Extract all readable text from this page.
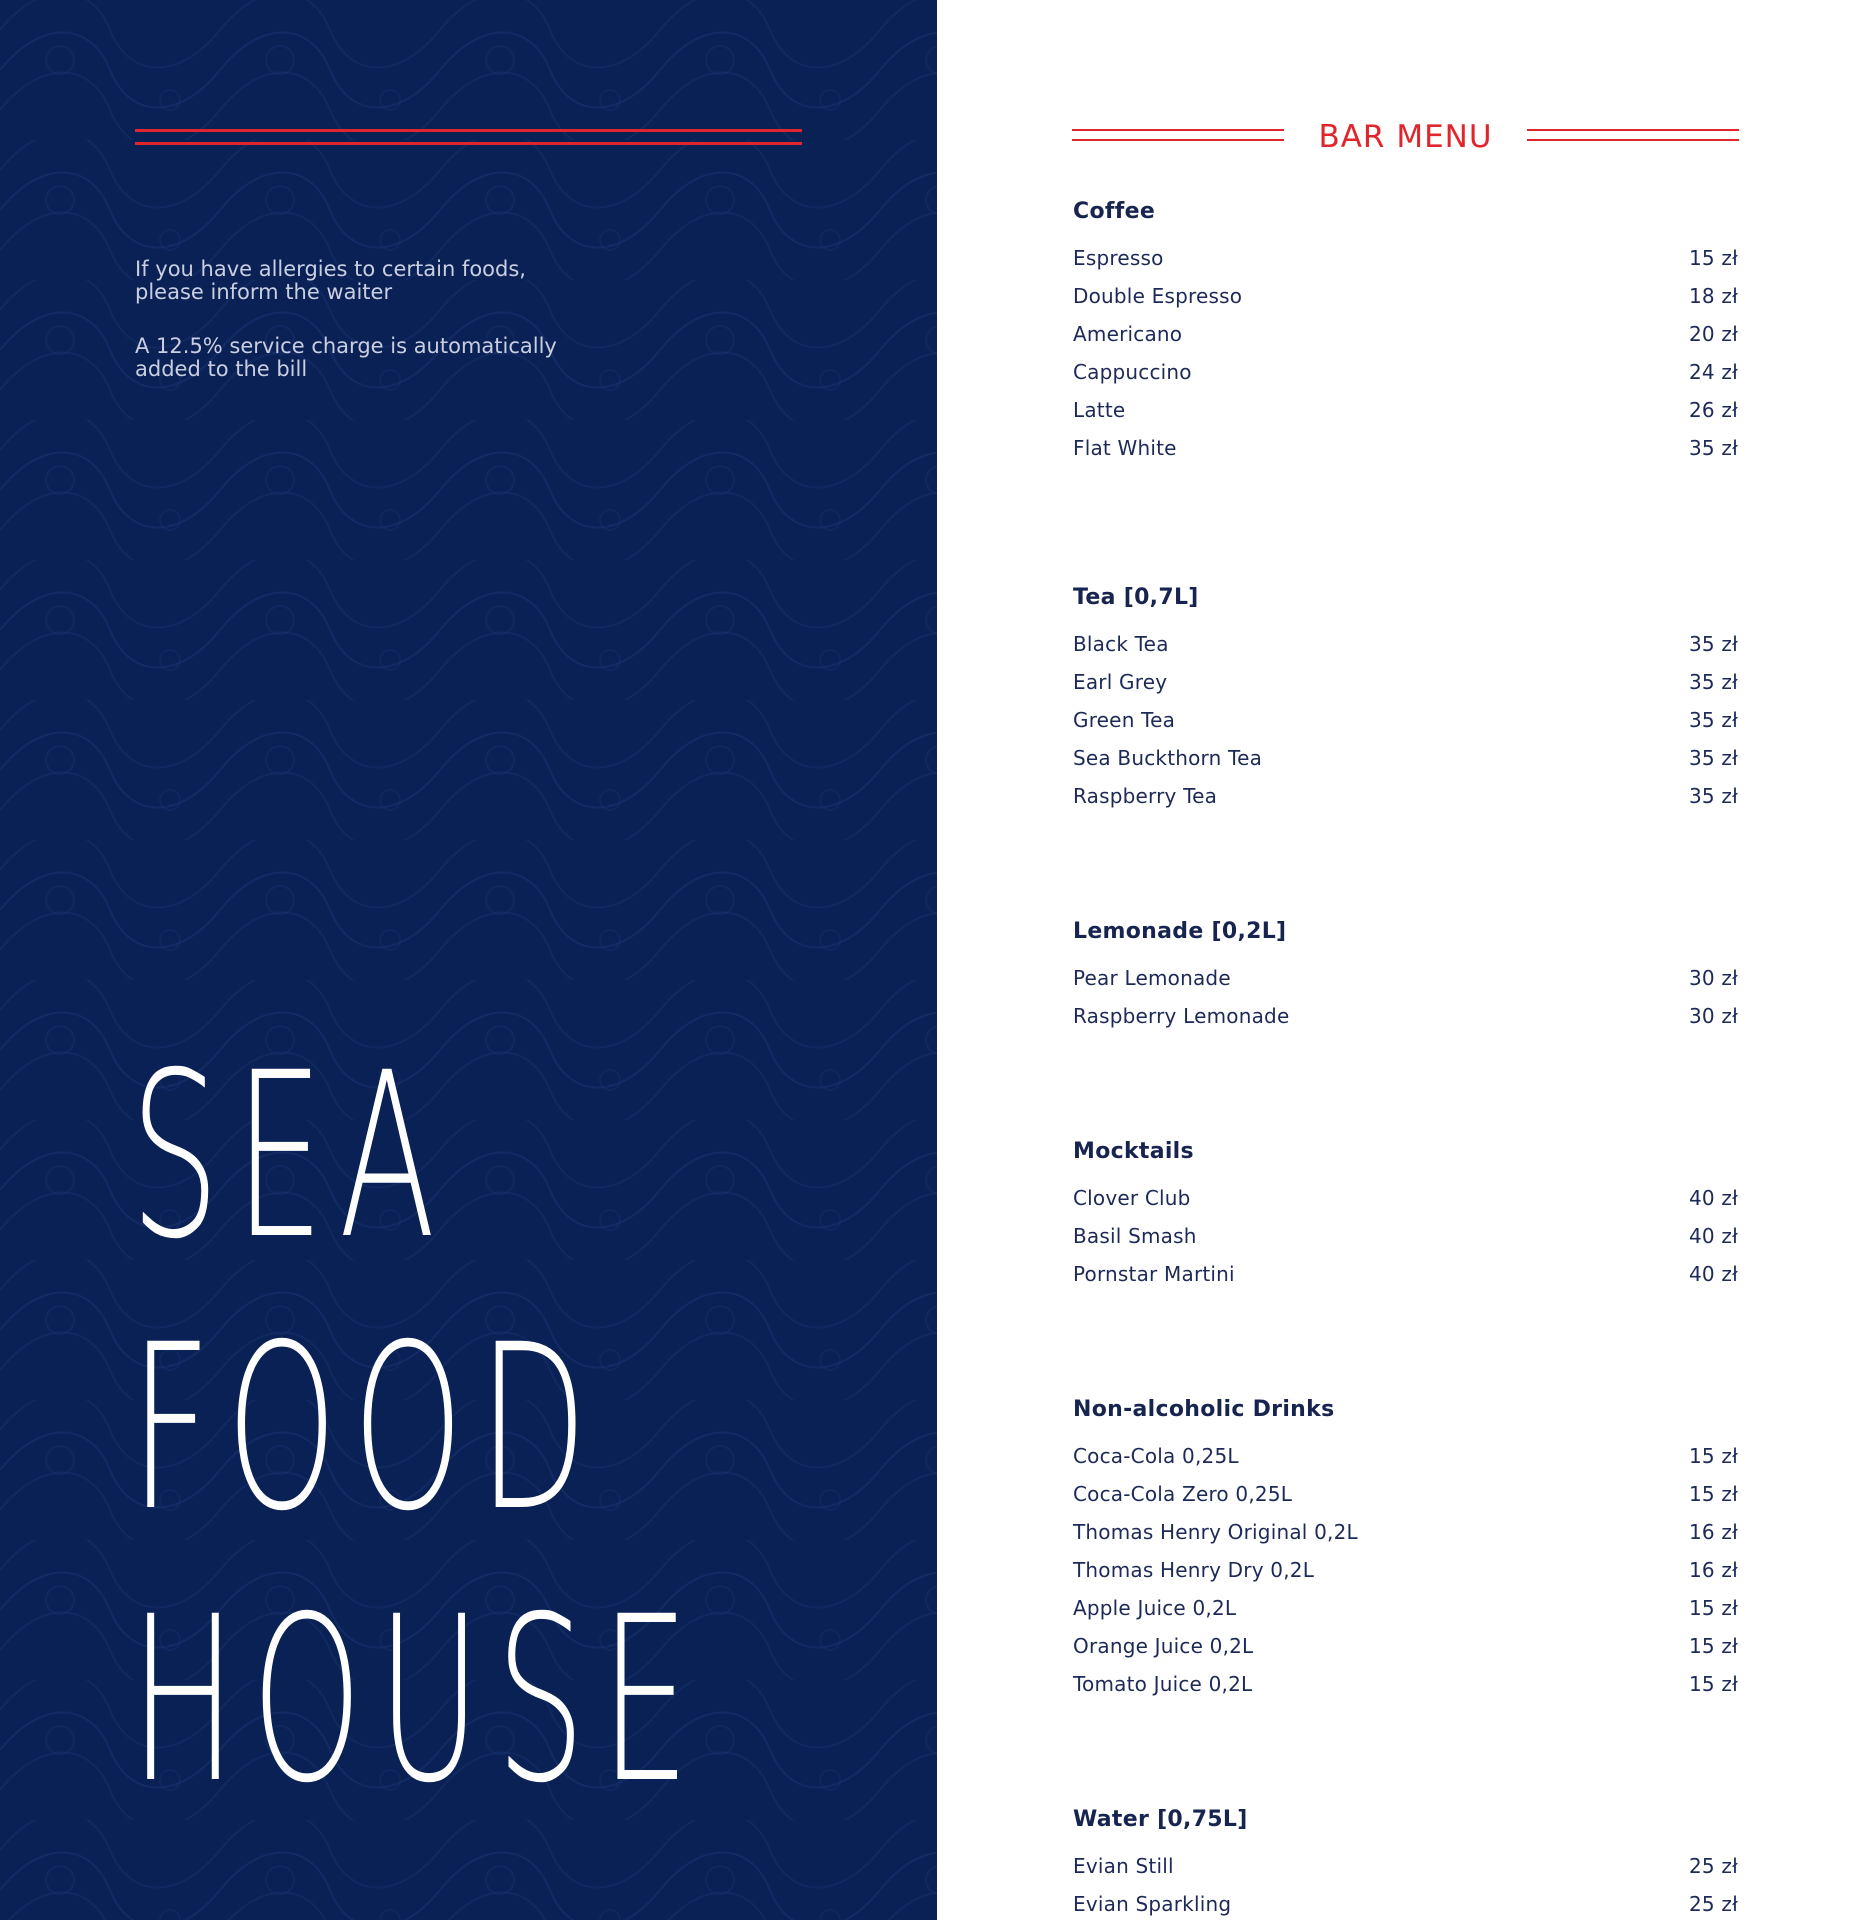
If you have allergies to certain foods,
please inform the waiter

A 12.5% service charge is automatically
added to the bill

SEA
FOOD
HOUSE
BAR MENU
Coffee
Espresso	15 zł
Double Espresso	18 zł
Americano	20 zł
Cappuccino	24 zł
Latte	26 zł
Flat White	35 zł
Tea [0,7L]
Black Tea	35 zł
Earl Grey	35 zł
Green Tea	35 zł
Sea Buckthorn Tea	35 zł
Raspberry Tea	35 zł
Lemonade [0,2L]
Pear Lemonade	30 zł
Raspberry Lemonade	30 zł
Mocktails
Clover Club	40 zł
Basil Smash	40 zł
Pornstar Martini	40 zł
Non-alcoholic Drinks
Coca-Cola 0,25L	15 zł
Coca-Cola Zero 0,25L	15 zł
Thomas Henry Original 0,2L	16 zł
Thomas Henry Dry 0,2L	16 zł
Apple Juice 0,2L	15 zł
Orange Juice 0,2L	15 zł
Tomato Juice 0,2L	15 zł
Water [0,75L]
Evian Still	25 zł
Evian Sparkling	25 zł
